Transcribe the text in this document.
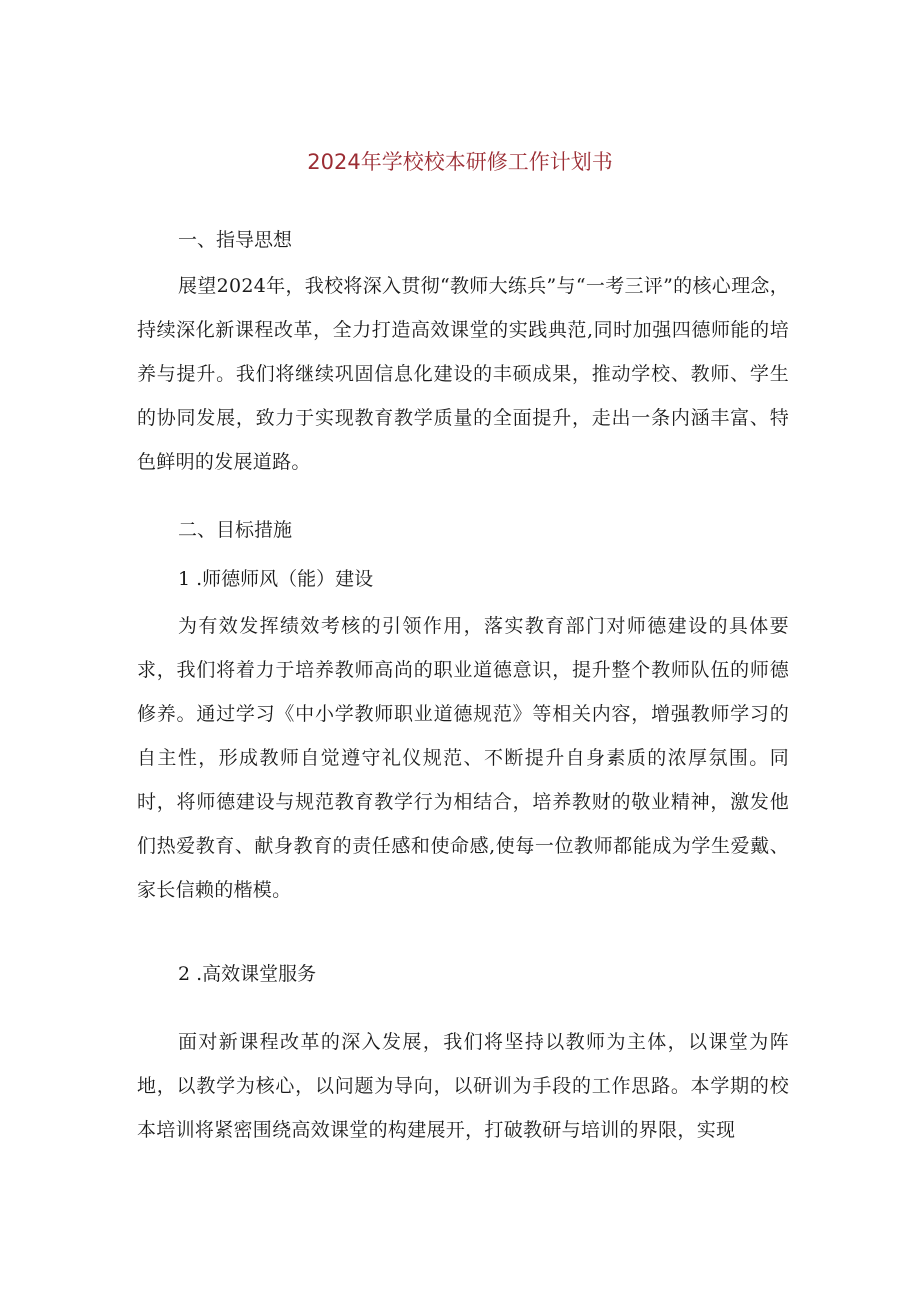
2024年学校校本研修工作计划书
一、指导思想
展望2024年，我校将深入贯彻“教师大练兵”与“一考三评”的核心理念，持续深化新课程改革，全力打造高效课堂的实践典范,同时加强四德师能的培养与提升。我们将继续巩固信息化建设的丰硕成果，推动学校、教师、学生的协同发展，致力于实现教育教学质量的全面提升，走出一条内涵丰富、特色鲜明的发展道路。
二、目标措施
1 .师德师风（能）建设
为有效发挥绩效考核的引领作用，落实教育部门对师德建设的具体要求，我们将着力于培养教师高尚的职业道德意识，提升整个教师队伍的师德修养。通过学习《中小学教师职业道德规范》等相关内容，增强教师学习的自主性，形成教师自觉遵守礼仪规范、不断提升自身素质的浓厚氛围。同时，将师德建设与规范教育教学行为相结合，培养教财的敬业精神，激发他们热爱教育、献身教育的责任感和使命感,使每一位教师都能成为学生爱戴、家长信赖的楷模。
2 .高效课堂服务
面对新课程改革的深入发展，我们将坚持以教师为主体，以课堂为阵地，以教学为核心，以问题为导向，以研训为手段的工作思路。本学期的校本培训将紧密围绕高效课堂的构建展开，打破教研与培训的界限，实现
